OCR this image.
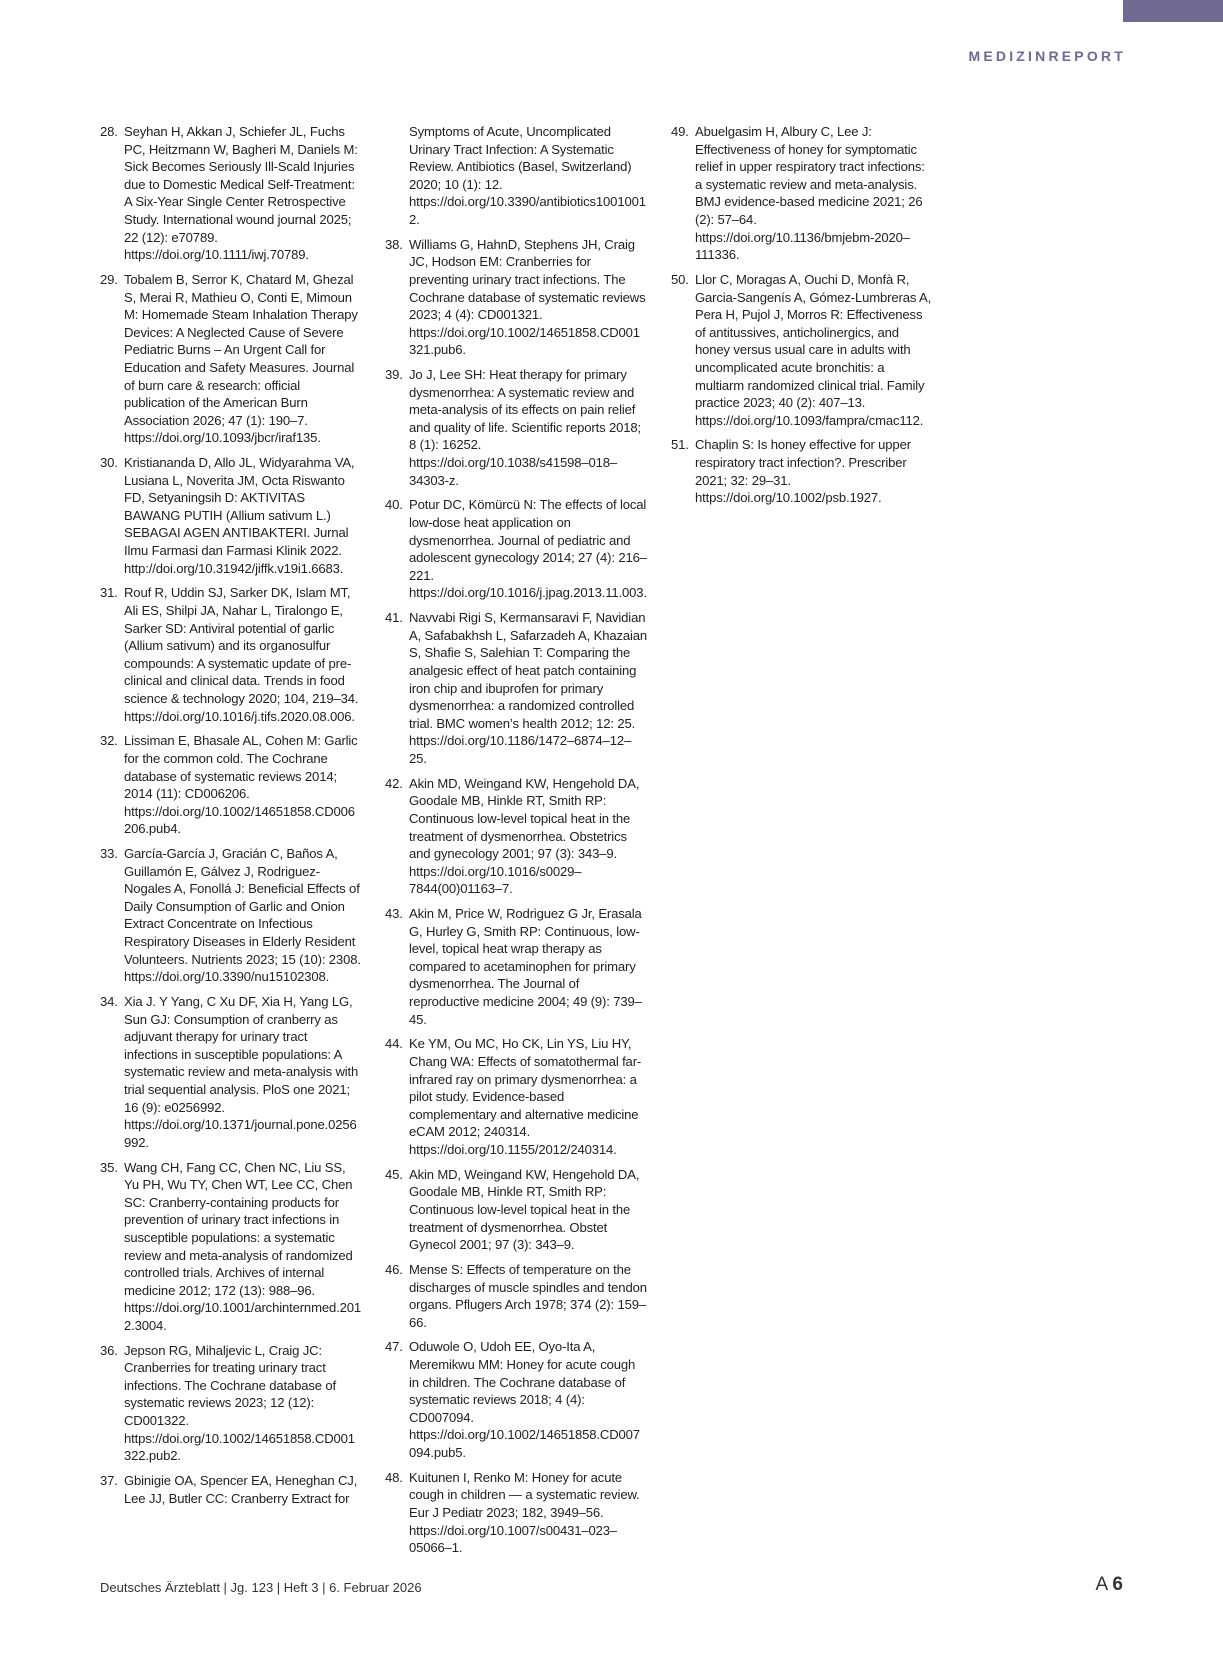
MEDIZINREPORT
28. Seyhan H, Akkan J, Schiefer JL, Fuchs PC, Heitzmann W, Bagheri M, Daniels M: Sick Becomes Seriously Ill-Scald Injuries due to Domestic Medical Self-Treatment: A Six-Year Single Center Retrospective Study. International wound journal 2025; 22 (12): e70789. https://doi.org/10.1111/iwj.70789.
29. Tobalem B, Serror K, Chatard M, Ghezal S, Merai R, Mathieu O, Conti E, Mimoun M: Homemade Steam Inhalation Therapy Devices: A Neglected Cause of Severe Pediatric Burns – An Urgent Call for Education and Safety Measures. Journal of burn care & research: official publication of the American Burn Association 2026; 47 (1): 190–7. https://doi.org/10.1093/jbcr/iraf135.
30. Kristiananda D, Allo JL, Widyarahma VA, Lusiana L, Noverita JM, Octa Riswanto FD, Setyaningsih D: AKTIVITAS BAWANG PUTIH (Allium sativum L.) SEBAGAI AGEN ANTIBAKTERI. Jurnal Ilmu Farmasi dan Farmasi Klinik 2022. http://doi.org/10.31942/jiffk.v19i1.6683.
31. Rouf R, Uddin SJ, Sarker DK, Islam MT, Ali ES, Shilpi JA, Nahar L, Tiralongo E, Sarker SD: Antiviral potential of garlic (Allium sativum) and its organosulfur compounds: A systematic update of pre-clinical and clinical data. Trends in food science & technology 2020; 104, 219–34. https://doi.org/10.1016/j.tifs.2020.08.006.
32. Lissiman E, Bhasale AL, Cohen M: Garlic for the common cold. The Cochrane database of systematic reviews 2014; 2014 (11): CD006206. https://doi.org/10.1002/14651858.CD006206.pub4.
33. García-García J, Gracián C, Baños A, Guillamón E, Gálvez J, Rodriguez-Nogales A, Fonollá J: Beneficial Effects of Daily Consumption of Garlic and Onion Extract Concentrate on Infectious Respiratory Diseases in Elderly Resident Volunteers. Nutrients 2023; 15 (10): 2308. https://doi.org/10.3390/nu15102308.
34. Xia J. Y Yang, C Xu DF, Xia H, Yang LG, Sun GJ: Consumption of cranberry as adjuvant therapy for urinary tract infections in susceptible populations: A systematic review and meta-analysis with trial sequential analysis. PloS one 2021; 16 (9): e0256992. https://doi.org/10.1371/journal.pone.0256992.
35. Wang CH, Fang CC, Chen NC, Liu SS, Yu PH, Wu TY, Chen WT, Lee CC, Chen SC: Cranberry-containing products for prevention of urinary tract infections in susceptible populations: a systematic review and meta-analysis of randomized controlled trials. Archives of internal medicine 2012; 172 (13): 988–96. https://doi.org/10.1001/archinternmed.2012.3004.
36. Jepson RG, Mihaljevic L, Craig JC: Cranberries for treating urinary tract infections. The Cochrane database of systematic reviews 2023; 12 (12): CD001322. https://doi.org/10.1002/14651858.CD001322.pub2.
37. Gbinigie OA, Spencer EA, Heneghan CJ, Lee JJ, Butler CC: Cranberry Extract for
Symptoms of Acute, Uncomplicated Urinary Tract Infection: A Systematic Review. Antibiotics (Basel, Switzerland) 2020; 10 (1): 12. https://doi.org/10.3390/antibiotics10010012.
38. Williams G, HahnD, Stephens JH, Craig JC, Hodson EM: Cranberries for preventing urinary tract infections. The Cochrane database of systematic reviews 2023; 4 (4): CD001321. https://doi.org/10.1002/14651858.CD001321.pub6.
39. Jo J, Lee SH: Heat therapy for primary dysmenorrhea: A systematic review and meta-analysis of its effects on pain relief and quality of life. Scientific reports 2018; 8 (1): 16252. https://doi.org/10.1038/s41598–018–34303-z.
40. Potur DC, Kömürcü N: The effects of local low-dose heat application on dysmenorrhea. Journal of pediatric and adolescent gynecology 2014; 27 (4): 216–221. https://doi.org/10.1016/j.jpag.2013.11.003.
41. Navvabi Rigi S, Kermansaravi F, Navidian A, Safabakhsh L, Safarzadeh A, Khazaian S, Shafie S, Salehian T: Comparing the analgesic effect of heat patch containing iron chip and ibuprofen for primary dysmenorrhea: a randomized controlled trial. BMC women’s health 2012; 12: 25. https://doi.org/10.1186/1472–6874–12–25.
42. Akin MD, Weingand KW, Hengehold DA, Goodale MB, Hinkle RT, Smith RP: Continuous low-level topical heat in the treatment of dysmenorrhea. Obstetrics and gynecology 2001; 97 (3): 343–9. https://doi.org/10.1016/s0029–7844(00)01163–7.
43. Akin M, Price W, Rodriguez G Jr, Erasala G, Hurley G, Smith RP: Continuous, low-level, topical heat wrap therapy as compared to acetaminophen for primary dysmenorrhea. The Journal of reproductive medicine 2004; 49 (9): 739–45.
44. Ke YM, Ou MC, Ho CK, Lin YS, Liu HY, Chang WA: Effects of somatothermal far-infrared ray on primary dysmenorrhea: a pilot study. Evidence-based complementary and alternative medicine eCAM 2012; 240314. https://doi.org/10.1155/2012/240314.
45. Akin MD, Weingand KW, Hengehold DA, Goodale MB, Hinkle RT, Smith RP: Continuous low-level topical heat in the treatment of dysmenorrhea. Obstet Gynecol 2001; 97 (3): 343–9.
46. Mense S: Effects of temperature on the discharges of muscle spindles and tendon organs. Pflugers Arch 1978; 374 (2): 159–66.
47. Oduwole O, Udoh EE, Oyo-Ita A, Meremikwu MM: Honey for acute cough in children. The Cochrane database of systematic reviews 2018; 4 (4): CD007094. https://doi.org/10.1002/14651858.CD007094.pub5.
48. Kuitunen I, Renko M: Honey for acute cough in children — a systematic review. Eur J Pediatr 2023; 182, 3949–56. https://doi.org/10.1007/s00431–023–05066–1.
49. Abuelgasim H, Albury C, Lee J: Effectiveness of honey for symptomatic relief in upper respiratory tract infections: a systematic review and meta-analysis. BMJ evidence-based medicine 2021; 26 (2): 57–64. https://doi.org/10.1136/bmjebm-2020–111336.
50. Llor C, Moragas A, Ouchi D, Monfà R, Garcia-Sangenís A, Gómez-Lumbreras A, Pera H, Pujol J, Morros R: Effectiveness of antitussives, anticholinergics, and honey versus usual care in adults with uncomplicated acute bronchitis: a multiarm randomized clinical trial. Family practice 2023; 40 (2): 407–13. https://doi.org/10.1093/fampra/cmac112.
51. Chaplin S: Is honey effective for upper respiratory tract infection?. Prescriber 2021; 32: 29–31. https://doi.org/10.1002/psb.1927.
Deutsches Ärzteblatt | Jg. 123 | Heft 3 | 6. Februar 2026	A 6
